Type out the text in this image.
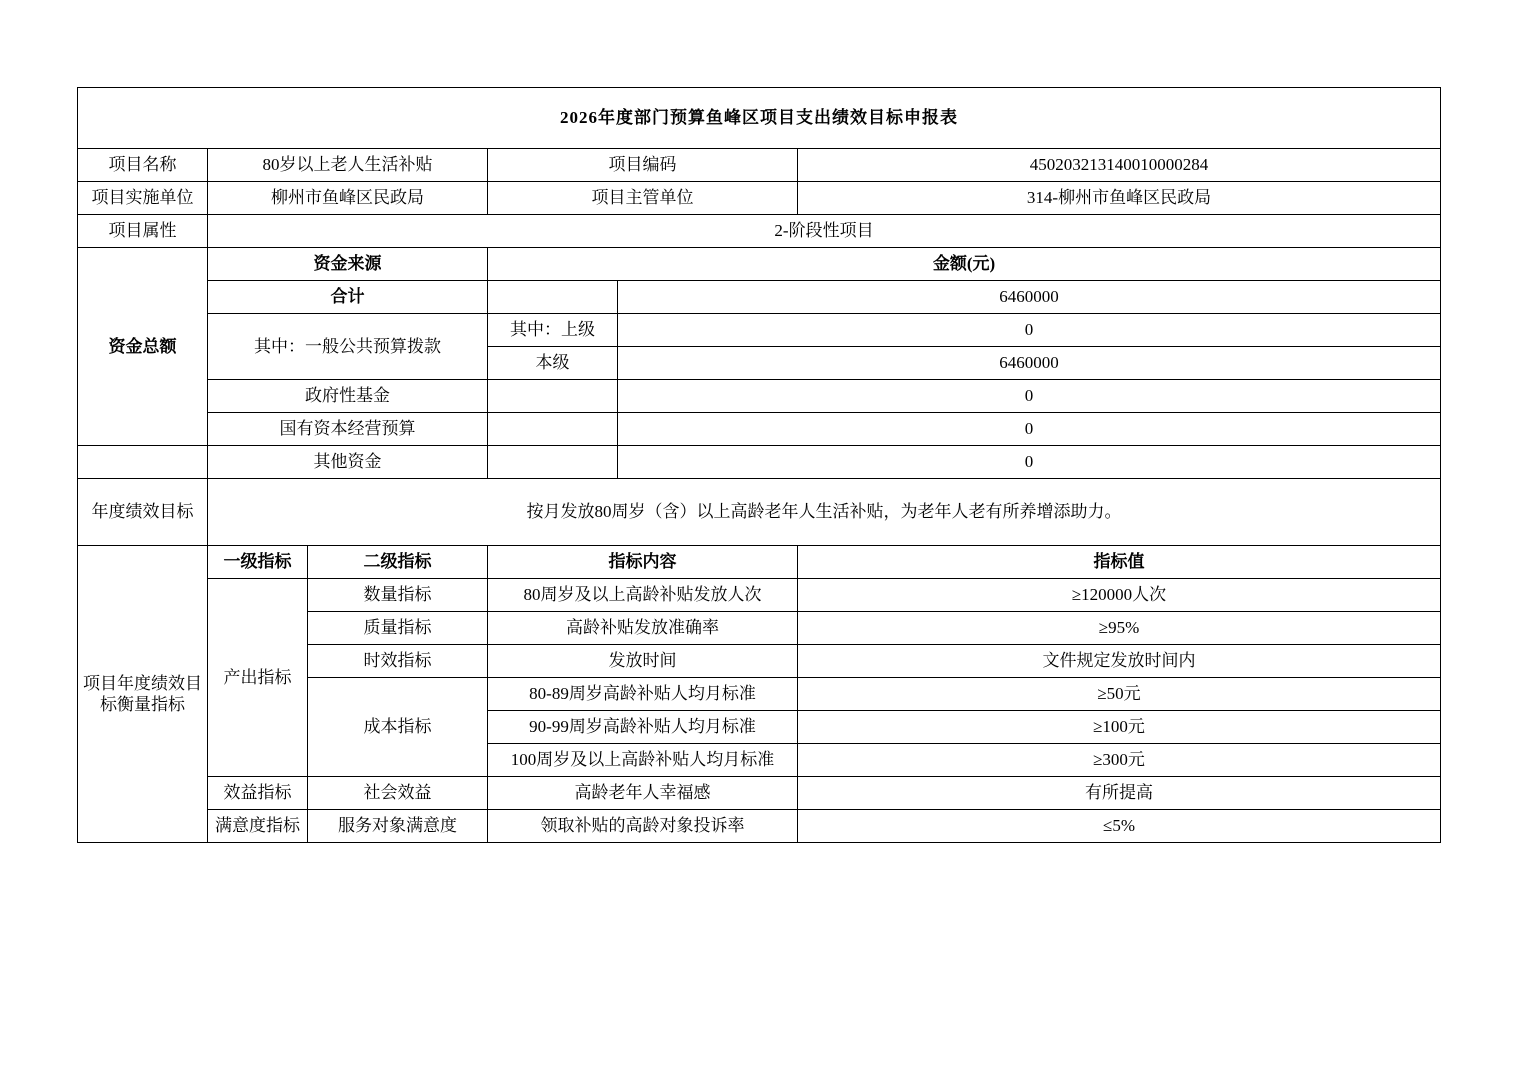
2026年度部门预算鱼峰区项目支出绩效目标申报表					
项目名称	80岁以上老人生活补贴		项目编码		450203213140010000284
项目实施单位	柳州市鱼峰区民政局		项目主管单位		314-柳州市鱼峰区民政局
项目属性	2-阶段性项目				
资金总额	资金来源		金额(元)		
	合计			6460000	
	其中：一般公共预算拨款		其中：上级	0	
			本级	6460000	
	政府性基金			0	
	国有资本经营预算			0	
	其他资金			0	
年度绩效目标	按月发放80周岁（含）以上高龄老年人生活补贴，为老年人老有所养增添助力。				
项目年度绩效目标衡量指标	一级指标	二级指标	指标内容		指标值
	产出指标	数量指标	80周岁及以上高龄补贴发放人次		≥120000人次
		质量指标	高龄补贴发放准确率		≥95%
		时效指标	发放时间		文件规定发放时间内
		成本指标	80-89周岁高龄补贴人均月标准		≥50元
			90-99周岁高龄补贴人均月标准		≥100元
			100周岁及以上高龄补贴人均月标准		≥300元
	效益指标	社会效益	高龄老年人幸福感		有所提高
	满意度指标	服务对象满意度	领取补贴的高龄对象投诉率		≤5%
